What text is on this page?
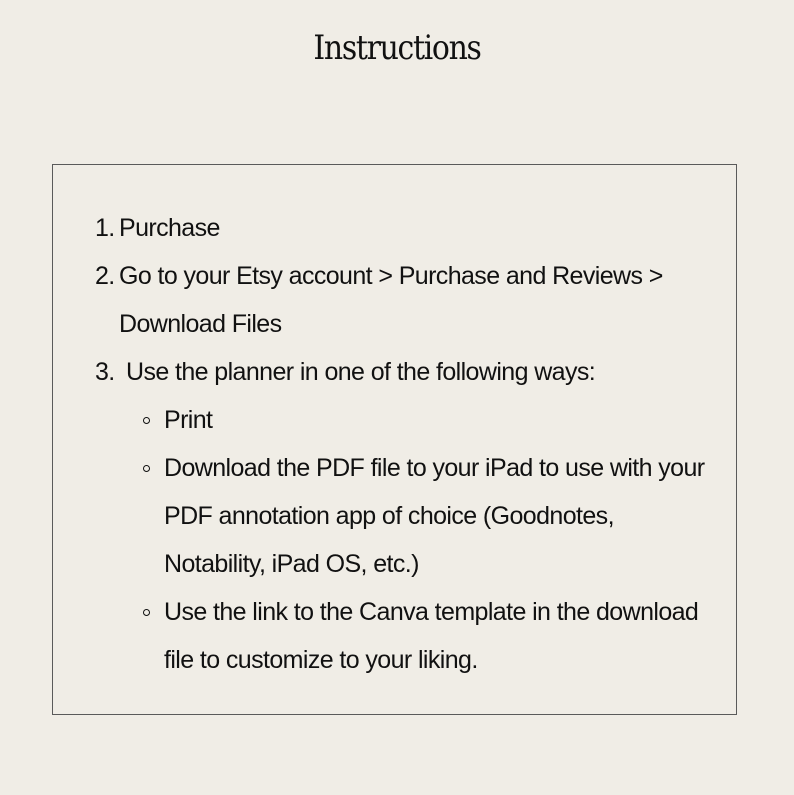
Instructions
1. Purchase
2. Go to your Etsy account > Purchase and Reviews >
Download Files
3. Use the planner in one of the following ways:
Print
Download the PDF file to your iPad to use with your
PDF annotation app of choice (Goodnotes,
Notability, iPad OS, etc.)
Use the link to the Canva template in the download
file to customize to your liking.
